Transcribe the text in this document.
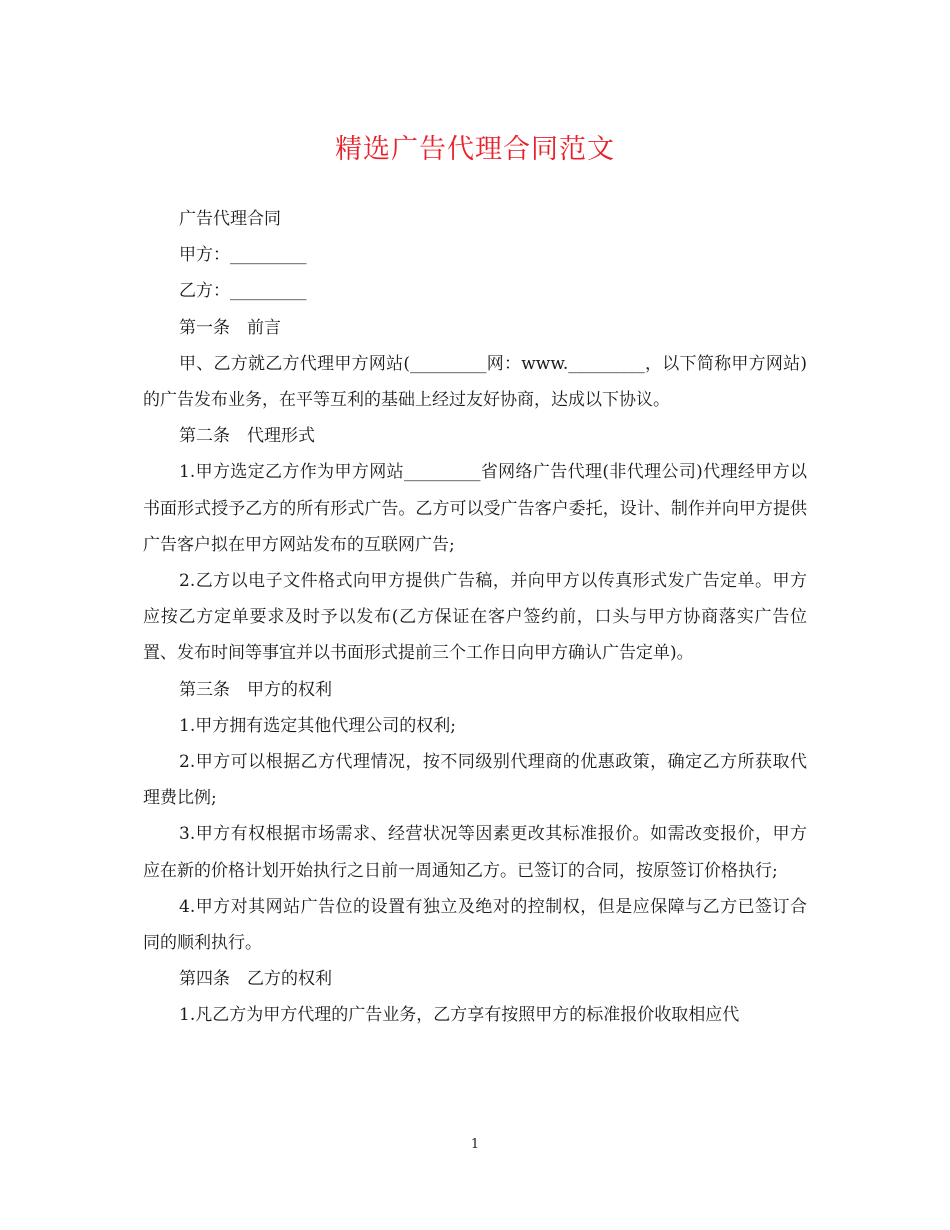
精选广告代理合同范文

广告代理合同

甲方：_________

乙方：_________

第一条　前言

甲、乙方就乙方代理甲方网站(_________网：www._________，以下简称甲方网站)的广告发布业务，在平等互利的基础上经过友好协商，达成以下协议。

第二条　代理形式

1.甲方选定乙方作为甲方网站_________省网络广告代理(非代理公司)代理经甲方以书面形式授予乙方的所有形式广告。乙方可以受广告客户委托，设计、制作并向甲方提供广告客户拟在甲方网站发布的互联网广告;

2.乙方以电子文件格式向甲方提供广告稿，并向甲方以传真形式发广告定单。甲方应按乙方定单要求及时予以发布(乙方保证在客户签约前，口头与甲方协商落实广告位置、发布时间等事宜并以书面形式提前三个工作日向甲方确认广告定单)。

第三条　甲方的权利

1.甲方拥有选定其他代理公司的权利;

2.甲方可以根据乙方代理情况，按不同级别代理商的优惠政策，确定乙方所获取代理费比例;

3.甲方有权根据市场需求、经营状况等因素更改其标准报价。如需改变报价，甲方应在新的价格计划开始执行之日前一周通知乙方。已签订的合同，按原签订价格执行;

4.甲方对其网站广告位的设置有独立及绝对的控制权，但是应保障与乙方已签订合同的顺利执行。

第四条　乙方的权利

1.凡乙方为甲方代理的广告业务，乙方享有按照甲方的标准报价收取相应代

1
